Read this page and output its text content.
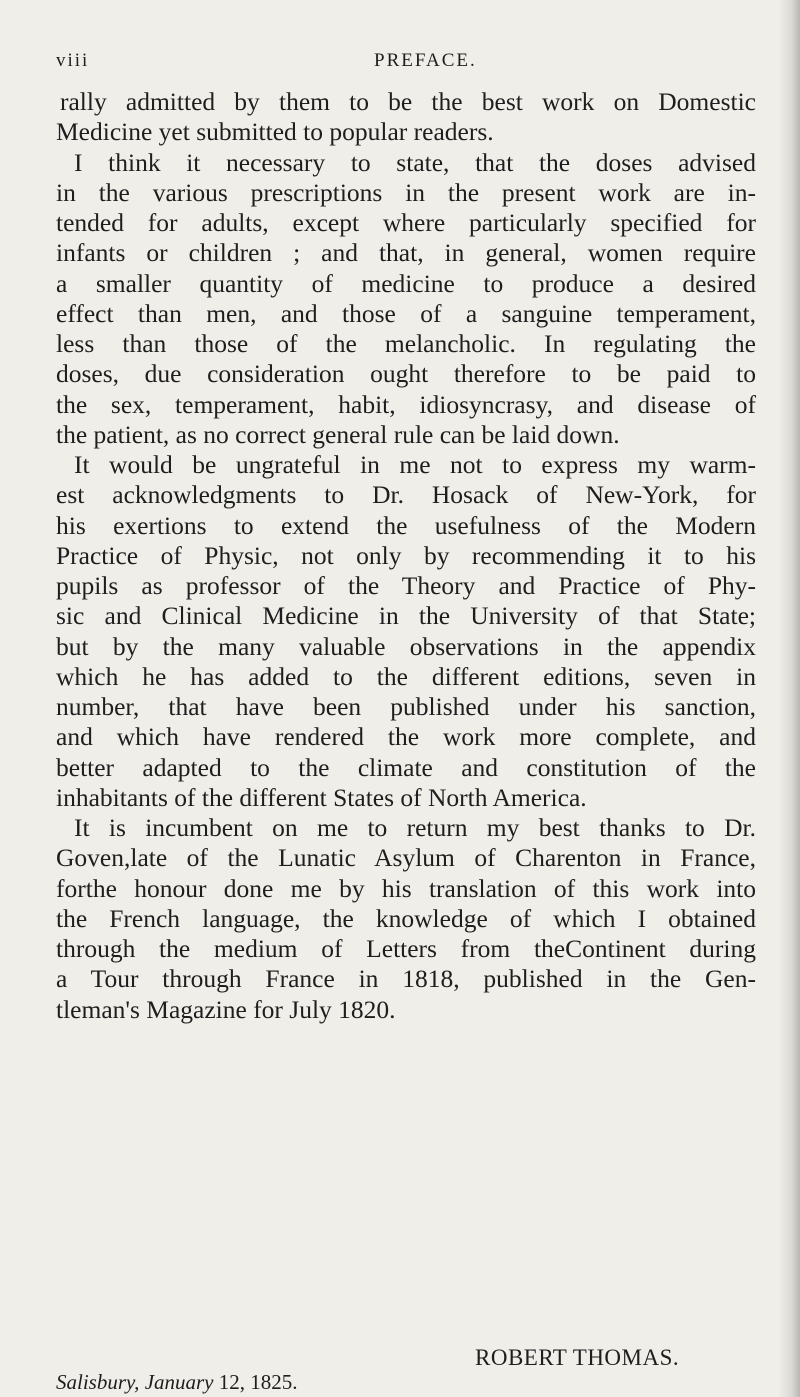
viii	PREFACE.
rally admitted by them to be the best work on Domestic
Medicine yet submitted to popular readers.
I think it necessary to state, that the doses advised
in the various prescriptions in the present work are in-
tended for adults, except where particularly specified for
infants or children ; and that, in general, women require
a smaller quantity of medicine to produce a desired
effect than men, and those of a sanguine temperament,
less than those of the melancholic. In regulating the
doses, due consideration ought therefore to be paid to
the sex, temperament, habit, idiosyncrasy, and disease of
the patient, as no correct general rule can be laid down.
It would be ungrateful in me not to express my warm-
est acknowledgments to Dr. Hosack of New-York, for
his exertions to extend the usefulness of the Modern
Practice of Physic, not only by recommending it to his
pupils as professor of the Theory and Practice of Phy-
sic and Clinical Medicine in the University of that State;
but by the many valuable observations in the appendix
which he has added to the different editions, seven in
number, that have been published under his sanction,
and which have rendered the work more complete, and
better adapted to the climate and constitution of the
inhabitants of the different States of North America.
It is incumbent on me to return my best thanks to Dr.
Goven,late of the Lunatic Asylum of Charenton in France,
forthe honour done me by his translation of this work into
the French language, the knowledge of which I obtained
through the medium of Letters from theContinent during
a Tour through France in 1818, published in the Gen-
tleman's Magazine for July 1820.
ROBERT THOMAS.
Salisbury, January 12, 1825.
